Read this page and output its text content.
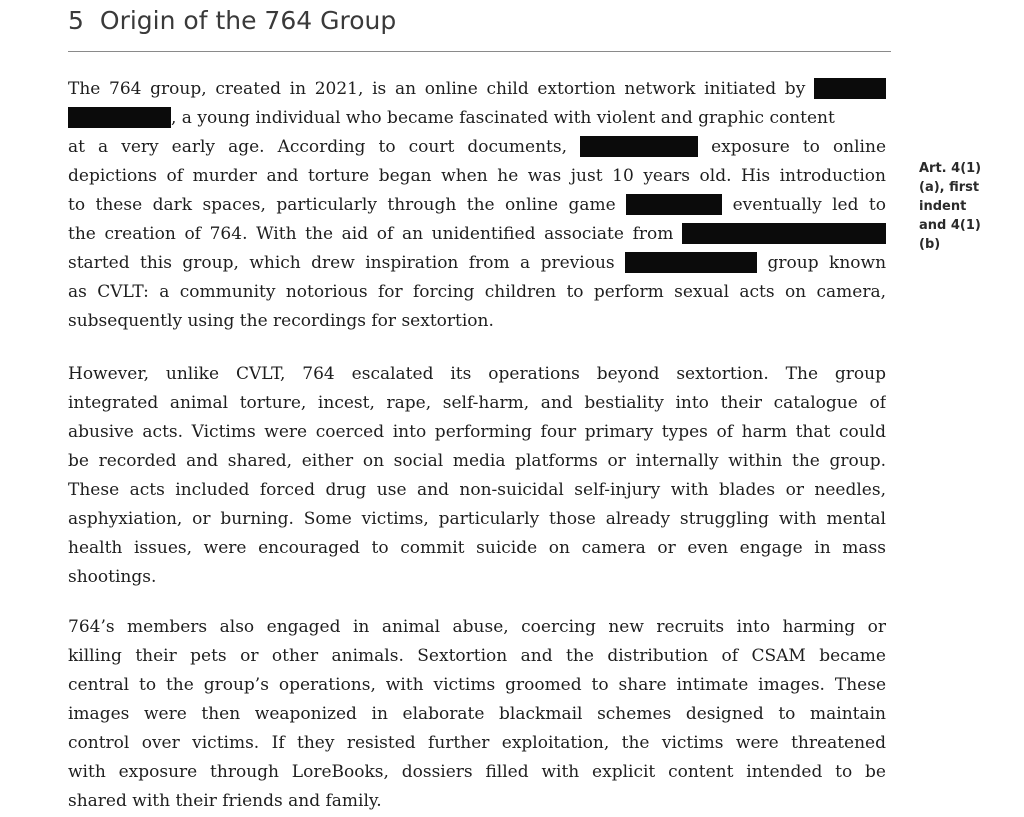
5 Origin of the 764 Group
The 764 group, created in 2021, is an online child extortion network initiated by
, a young individual who became fascinated with violent and graphic content
at a very early age. According to court documents,	exposure to online
depictions of murder and torture began when he was just 10 years old. His introduction
to these dark spaces, particularly through the online game	eventually led to
the creation of 764. With the aid of an unidentified associate from
started this group, which drew inspiration from a previous	group known
as CVLT: a community notorious for forcing children to perform sexual acts on camera,
subsequently using the recordings for sextortion.
However, unlike CVLT, 764 escalated its operations beyond sextortion. The group
integrated animal torture, incest, rape, self-harm, and bestiality into their catalogue of
abusive acts. Victims were coerced into performing four primary types of harm that could
be recorded and shared, either on social media platforms or internally within the group.
These acts included forced drug use and non-suicidal self-injury with blades or needles,
asphyxiation, or burning. Some victims, particularly those already struggling with mental
health issues, were encouraged to commit suicide on camera or even engage in mass
shootings.
764’s members also engaged in animal abuse, coercing new recruits into harming or
killing their pets or other animals. Sextortion and the distribution of CSAM became
central to the group’s operations, with victims groomed to share intimate images. These
images were then weaponized in elaborate blackmail schemes designed to maintain
control over victims. If they resisted further exploitation, the victims were threatened
with exposure through LoreBooks, dossiers filled with explicit content intended to be
shared with their friends and family.
Art. 4(1)
(a), first
indent
and 4(1)
(b)
